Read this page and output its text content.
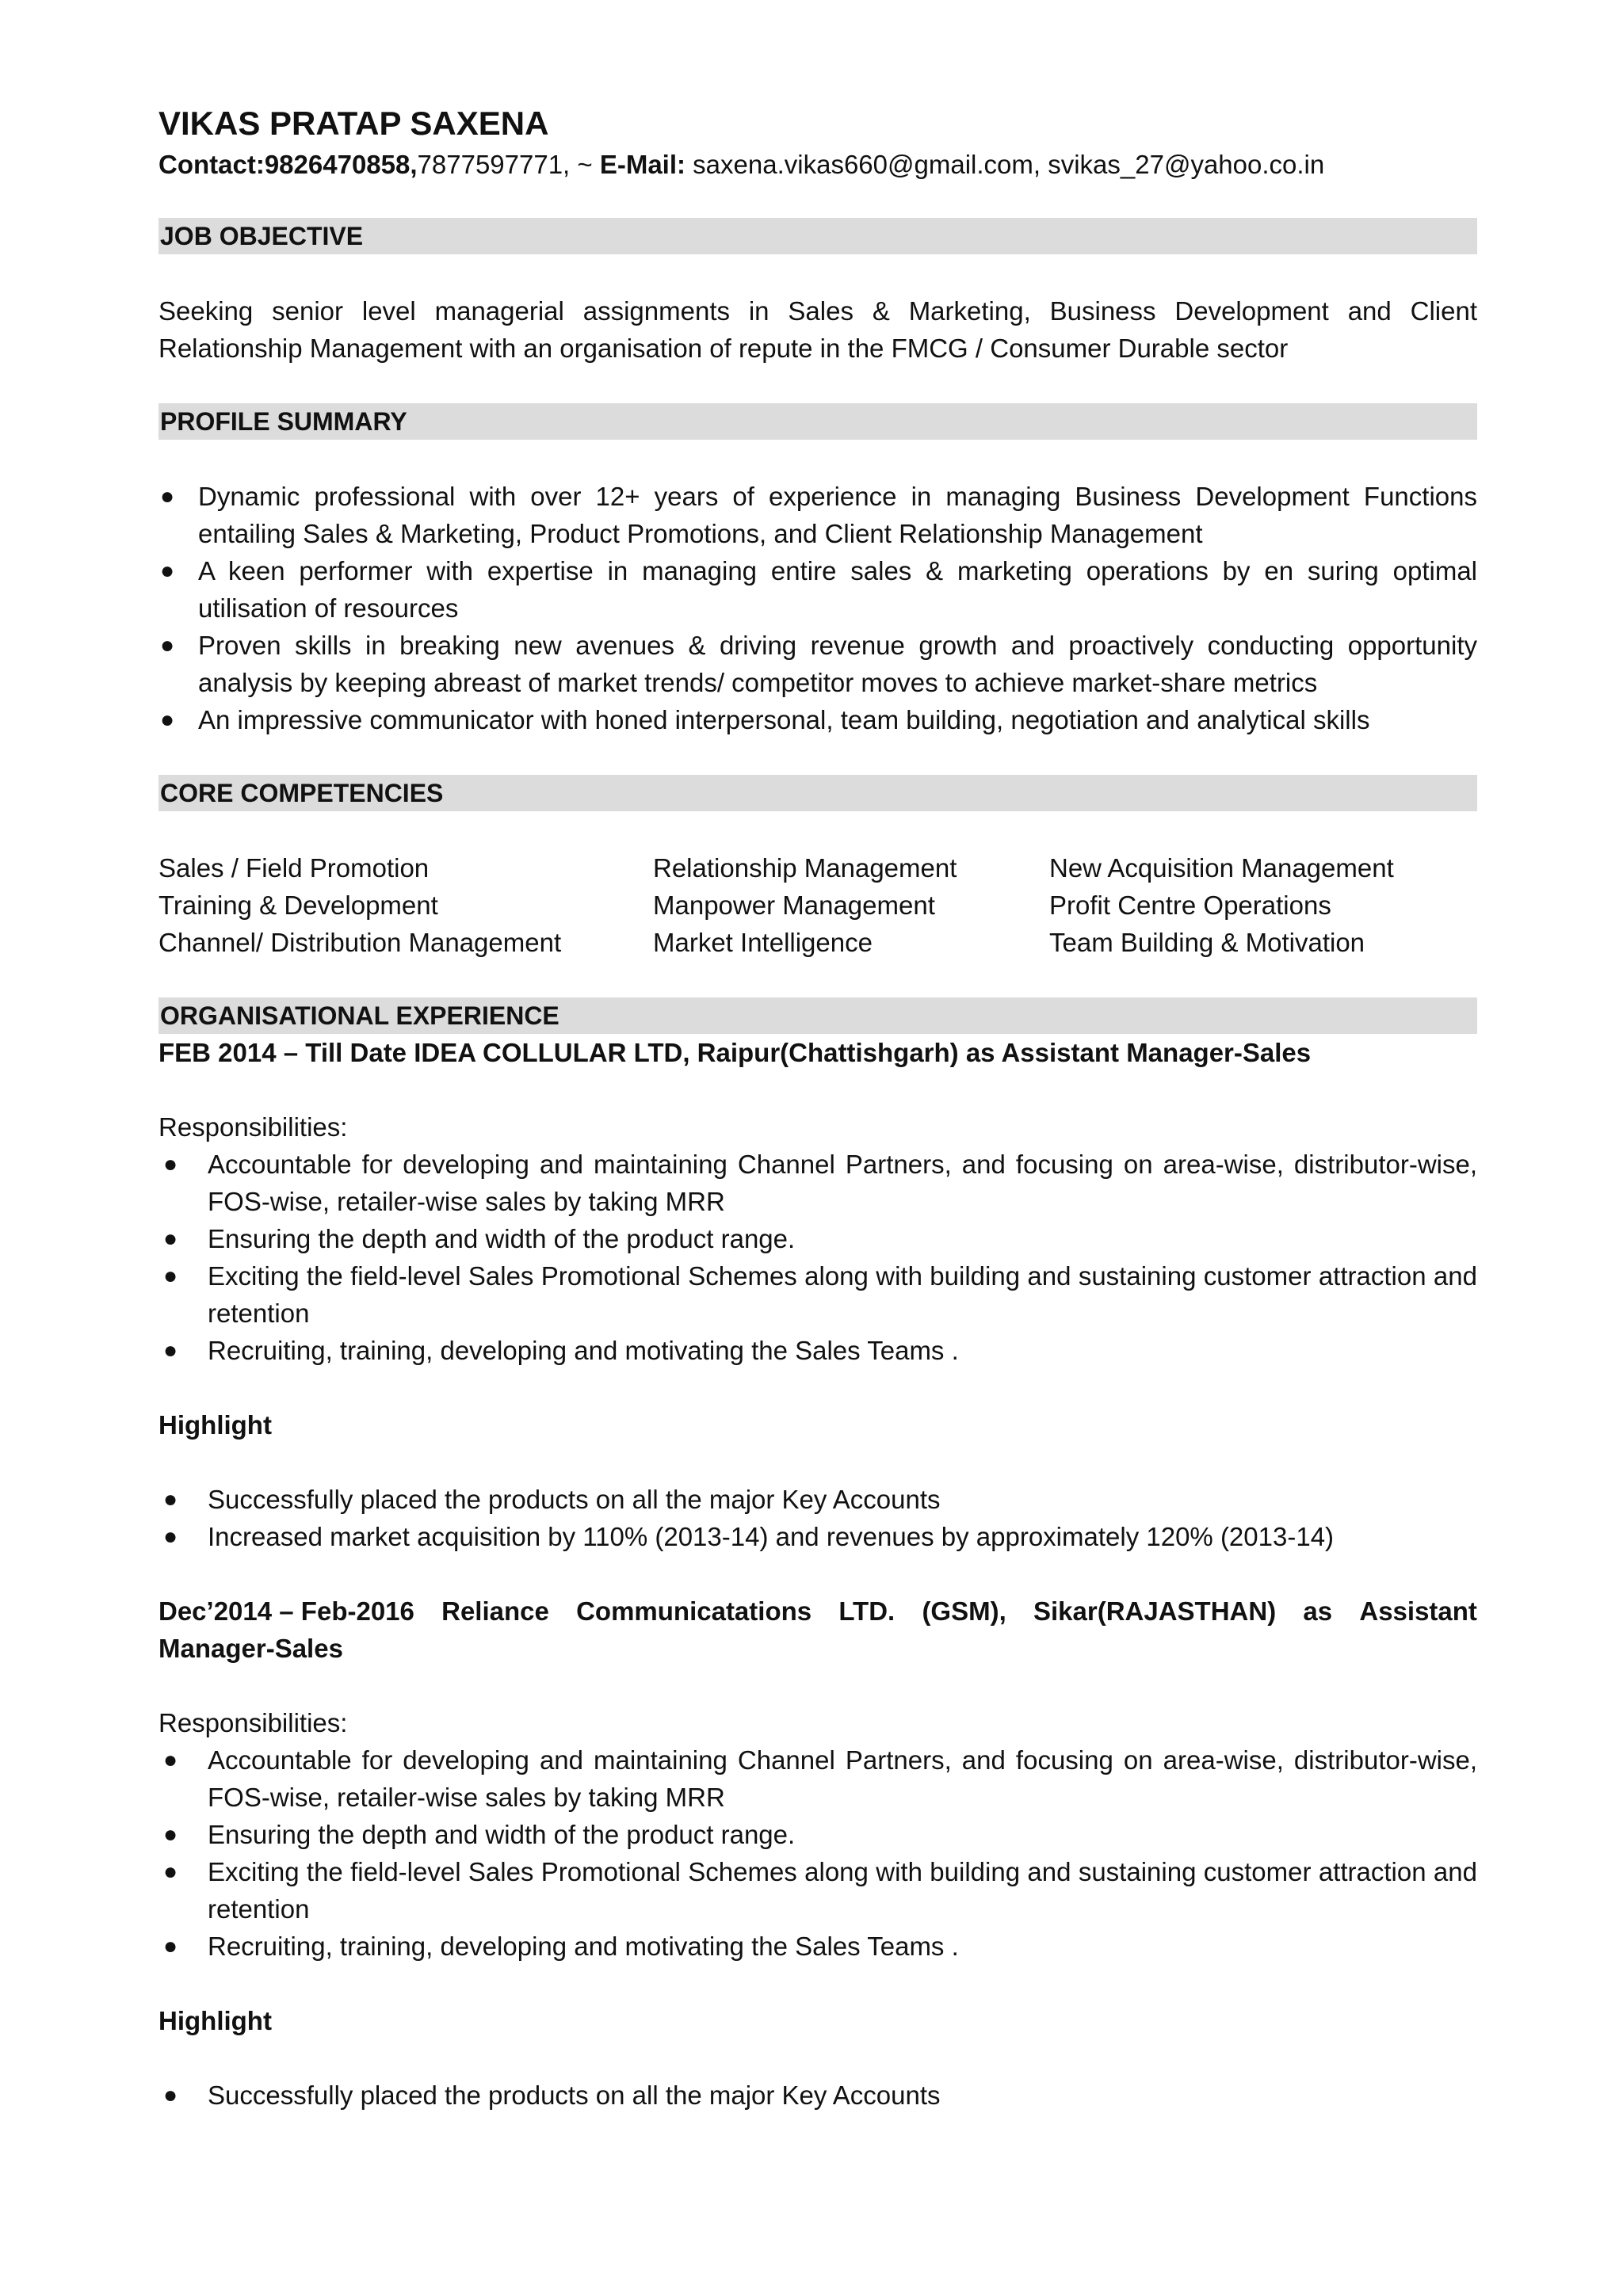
VIKAS PRATAP SAXENA
Contact:9826470858,7877597771, ~ E-Mail: saxena.vikas660@gmail.com, svikas_27@yahoo.co.in
JOB OBJECTIVE

Seeking senior level managerial assignments in Sales & Marketing, Business Development and Client Relationship Management with an organisation of repute in the FMCG / Consumer Durable sector

PROFILE SUMMARY
● Dynamic professional with over 12+ years of experience in managing Business Development Functions entailing Sales & Marketing, Product Promotions, and Client Relationship Management
● A keen performer with expertise in managing entire sales & marketing operations by en suring optimal utilisation of resources
● Proven skills in breaking new avenues & driving revenue growth and proactively conducting opportunity analysis by keeping abreast of market trends/ competitor moves to achieve market-share metrics
● An impressive communicator with honed interpersonal, team building, negotiation and analytical skills
CORE COMPETENCIES
Sales / Field Promotion	Relationship Management	New Acquisition Management
Training & Development	Manpower Management	Profit Centre Operations
Channel/ Distribution Management	Market Intelligence	Team Building & Motivation
ORGANISATIONAL EXPERIENCE
FEB 2014 – Till Date IDEA COLLULAR LTD, Raipur(Chattishgarh) as Assistant Manager-Sales
Responsibilities:
● Accountable for developing and maintaining Channel Partners, and focusing on area-wise, distributor-wise, FOS-wise, retailer-wise sales by taking MRR
● Ensuring the depth and width of the product range.
● Exciting the field-level Sales Promotional Schemes along with building and sustaining customer attraction and retention
● Recruiting, training, developing and motivating the Sales Teams .
Highlight
● Successfully placed the products on all the major Key Accounts
● Increased market acquisition by 110% (2013-14) and revenues by approximately 120% (2013-14)
Dec’2014 – Feb-2016 Reliance Communicatations LTD. (GSM), Sikar(RAJASTHAN) as Assistant
Manager-Sales
Responsibilities:
● Accountable for developing and maintaining Channel Partners, and focusing on area-wise, distributor-wise, FOS-wise, retailer-wise sales by taking MRR
● Ensuring the depth and width of the product range.
● Exciting the field-level Sales Promotional Schemes along with building and sustaining customer attraction and retention
● Recruiting, training, developing and motivating the Sales Teams .
Highlight
● Successfully placed the products on all the major Key Accounts
